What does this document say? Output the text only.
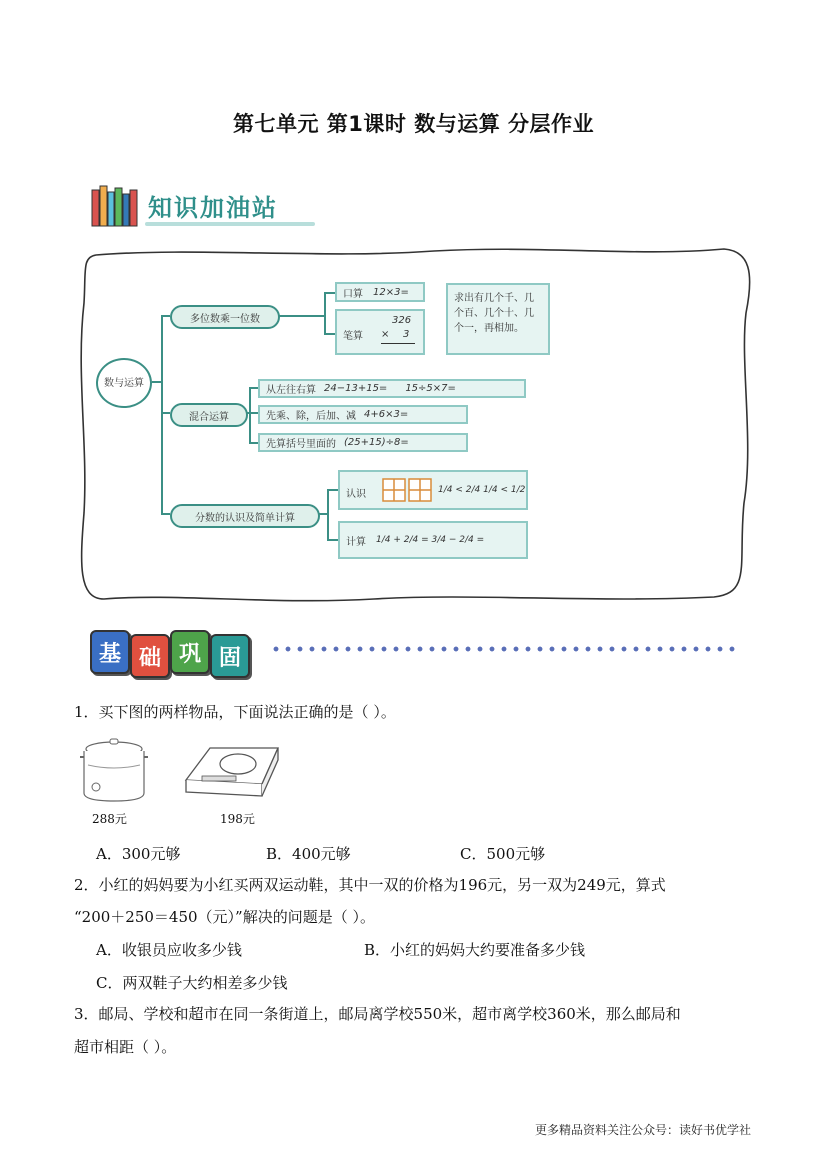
第七单元 第1课时 数与运算 分层作业
知识加油站
数与运算
多位数乘一位数
混合运算
分数的认识及简单计算
口算 12×3=
笔算
326
× 3
求出有几个千、几个百、几个十、几个一，再相加。
从左往右算 24−13+15= 15÷5×7=
先乘、除，后加、减 4+6×3=
先算括号里面的 (25+15)÷8=
认识	1/4 < 2/4 1/4 < 1/2
计算 1/4 + 2/4 = 3/4 − 2/4 =
基 础 巩 固
1．买下图的两样物品，下面说法正确的是（ ）。
288元	198元
A．300元够	B．400元够	C．500元够
2．小红的妈妈要为小红买两双运动鞋，其中一双的价格为196元，另一双为249元，算式
“200＋250＝450（元）”解决的问题是（ ）。
A．收银员应收多少钱	B．小红的妈妈大约要准备多少钱
C．两双鞋子大约相差多少钱
3．邮局、学校和超市在同一条街道上，邮局离学校550米，超市离学校360米，那么邮局和
超市相距（ ）。
更多精品资料关注公众号：读好书优学社
